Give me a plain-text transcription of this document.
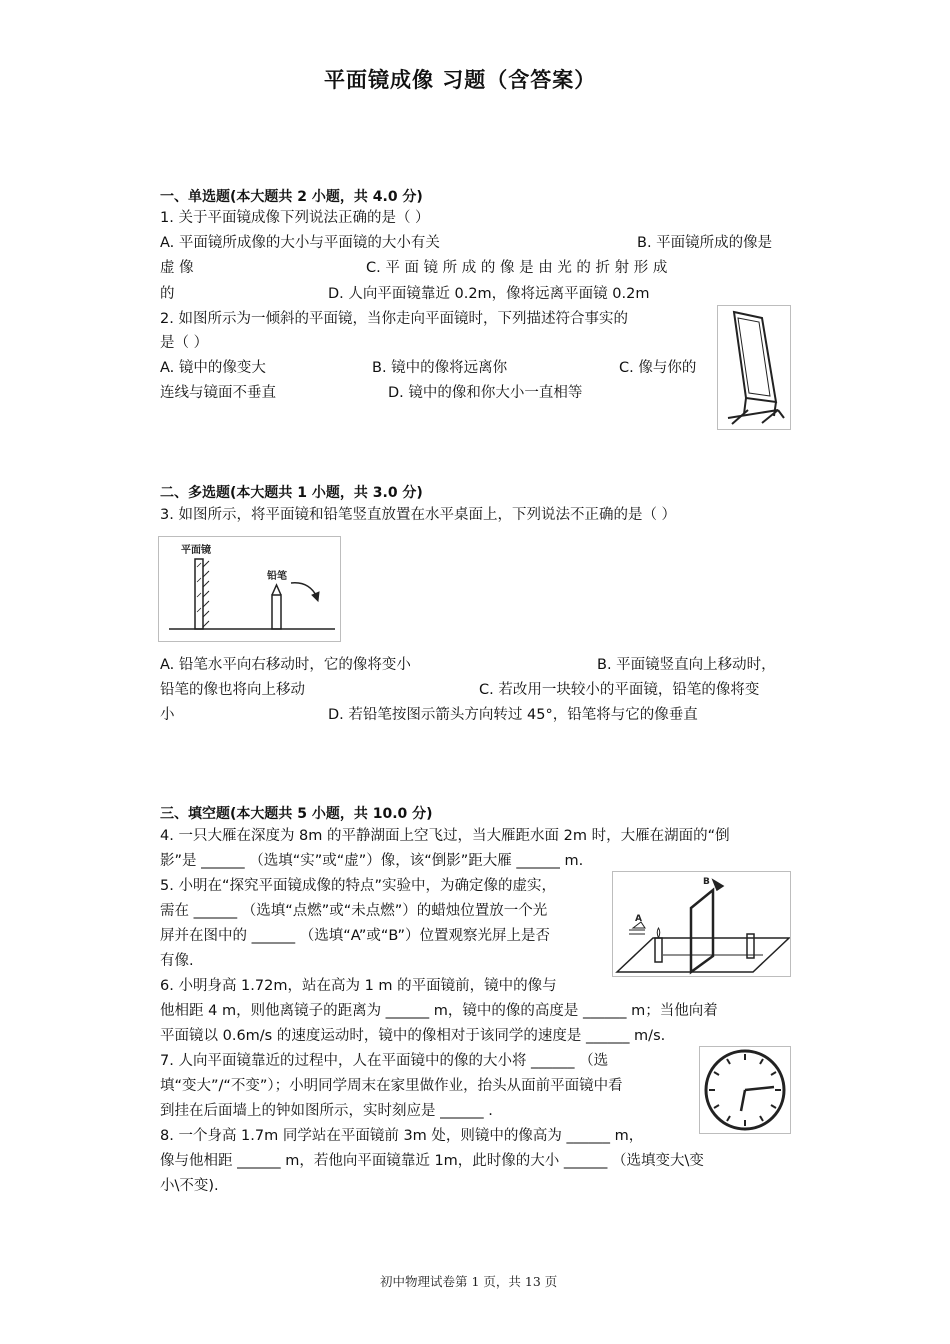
平面镜成像 习题（含答案）
一、单选题(本大题共 2 小题，共 4.0 分)
1. 关于平面镜成像下列说法正确的是（ ）
A. 平面镜所成像的大小与平面镜的大小有关	B. 平面镜所成的像是
虚 像	C. 平 面 镜 所 成 的 像 是 由 光 的 折 射 形 成
的	D. 人向平面镜靠近 0.2m，像将远离平面镜 0.2m
2. 如图所示为一倾斜的平面镜，当你走向平面镜时，下列描述符合事实的
是（ ）
A. 镜中的像变大	B. 镜中的像将远离你	C. 像与你的
连线与镜面不垂直	D. 镜中的像和你大小一直相等
二、多选题(本大题共 1 小题，共 3.0 分)
3. 如图所示，将平面镜和铅笔竖直放置在水平桌面上，下列说法不正确的是（ ）
平面镜
铅笔
A. 铅笔水平向右移动时，它的像将变小	B. 平面镜竖直向上移动时，
铅笔的像也将向上移动	C. 若改用一块较小的平面镜，铅笔的像将变
小	D. 若铅笔按图示箭头方向转过 45°，铅笔将与它的像垂直
三、填空题(本大题共 5 小题，共 10.0 分)
4. 一只大雁在深度为 8m 的平静湖面上空飞过，当大雁距水面 2m 时，大雁在湖面的“倒
影”是 ______ （选填“实”或“虚”）像，该“倒影”距大雁 ______ m.
5. 小明在“探究平面镜成像的特点”实验中，为确定像的虚实，
需在 ______ （选填“点燃”或“未点燃”）的蜡烛位置放一个光
屏并在图中的 ______ （选填“A”或“B”）位置观察光屏上是否
有像.
B
A
6. 小明身高 1.72m，站在高为 1 m 的平面镜前，镜中的像与
他相距 4 m，则他离镜子的距离为 ______ m，镜中的像的高度是 ______ m；当他向着
平面镜以 0.6m/s 的速度运动时，镜中的像相对于该同学的速度是 ______ m/s.
7. 人向平面镜靠近的过程中，人在平面镜中的像的大小将 ______ （选
填“变大”/“不变”）；小明同学周末在家里做作业，抬头从面前平面镜中看
到挂在后面墙上的钟如图所示，实时刻应是 ______ .
8. 一个身高 1.7m 同学站在平面镜前 3m 处，则镜中的像高为 ______ m，
像与他相距 ______ m，若他向平面镜靠近 1m，此时像的大小 ______ （选填变大\变
小\不变).
初中物理试卷第 1 页，共 13 页
